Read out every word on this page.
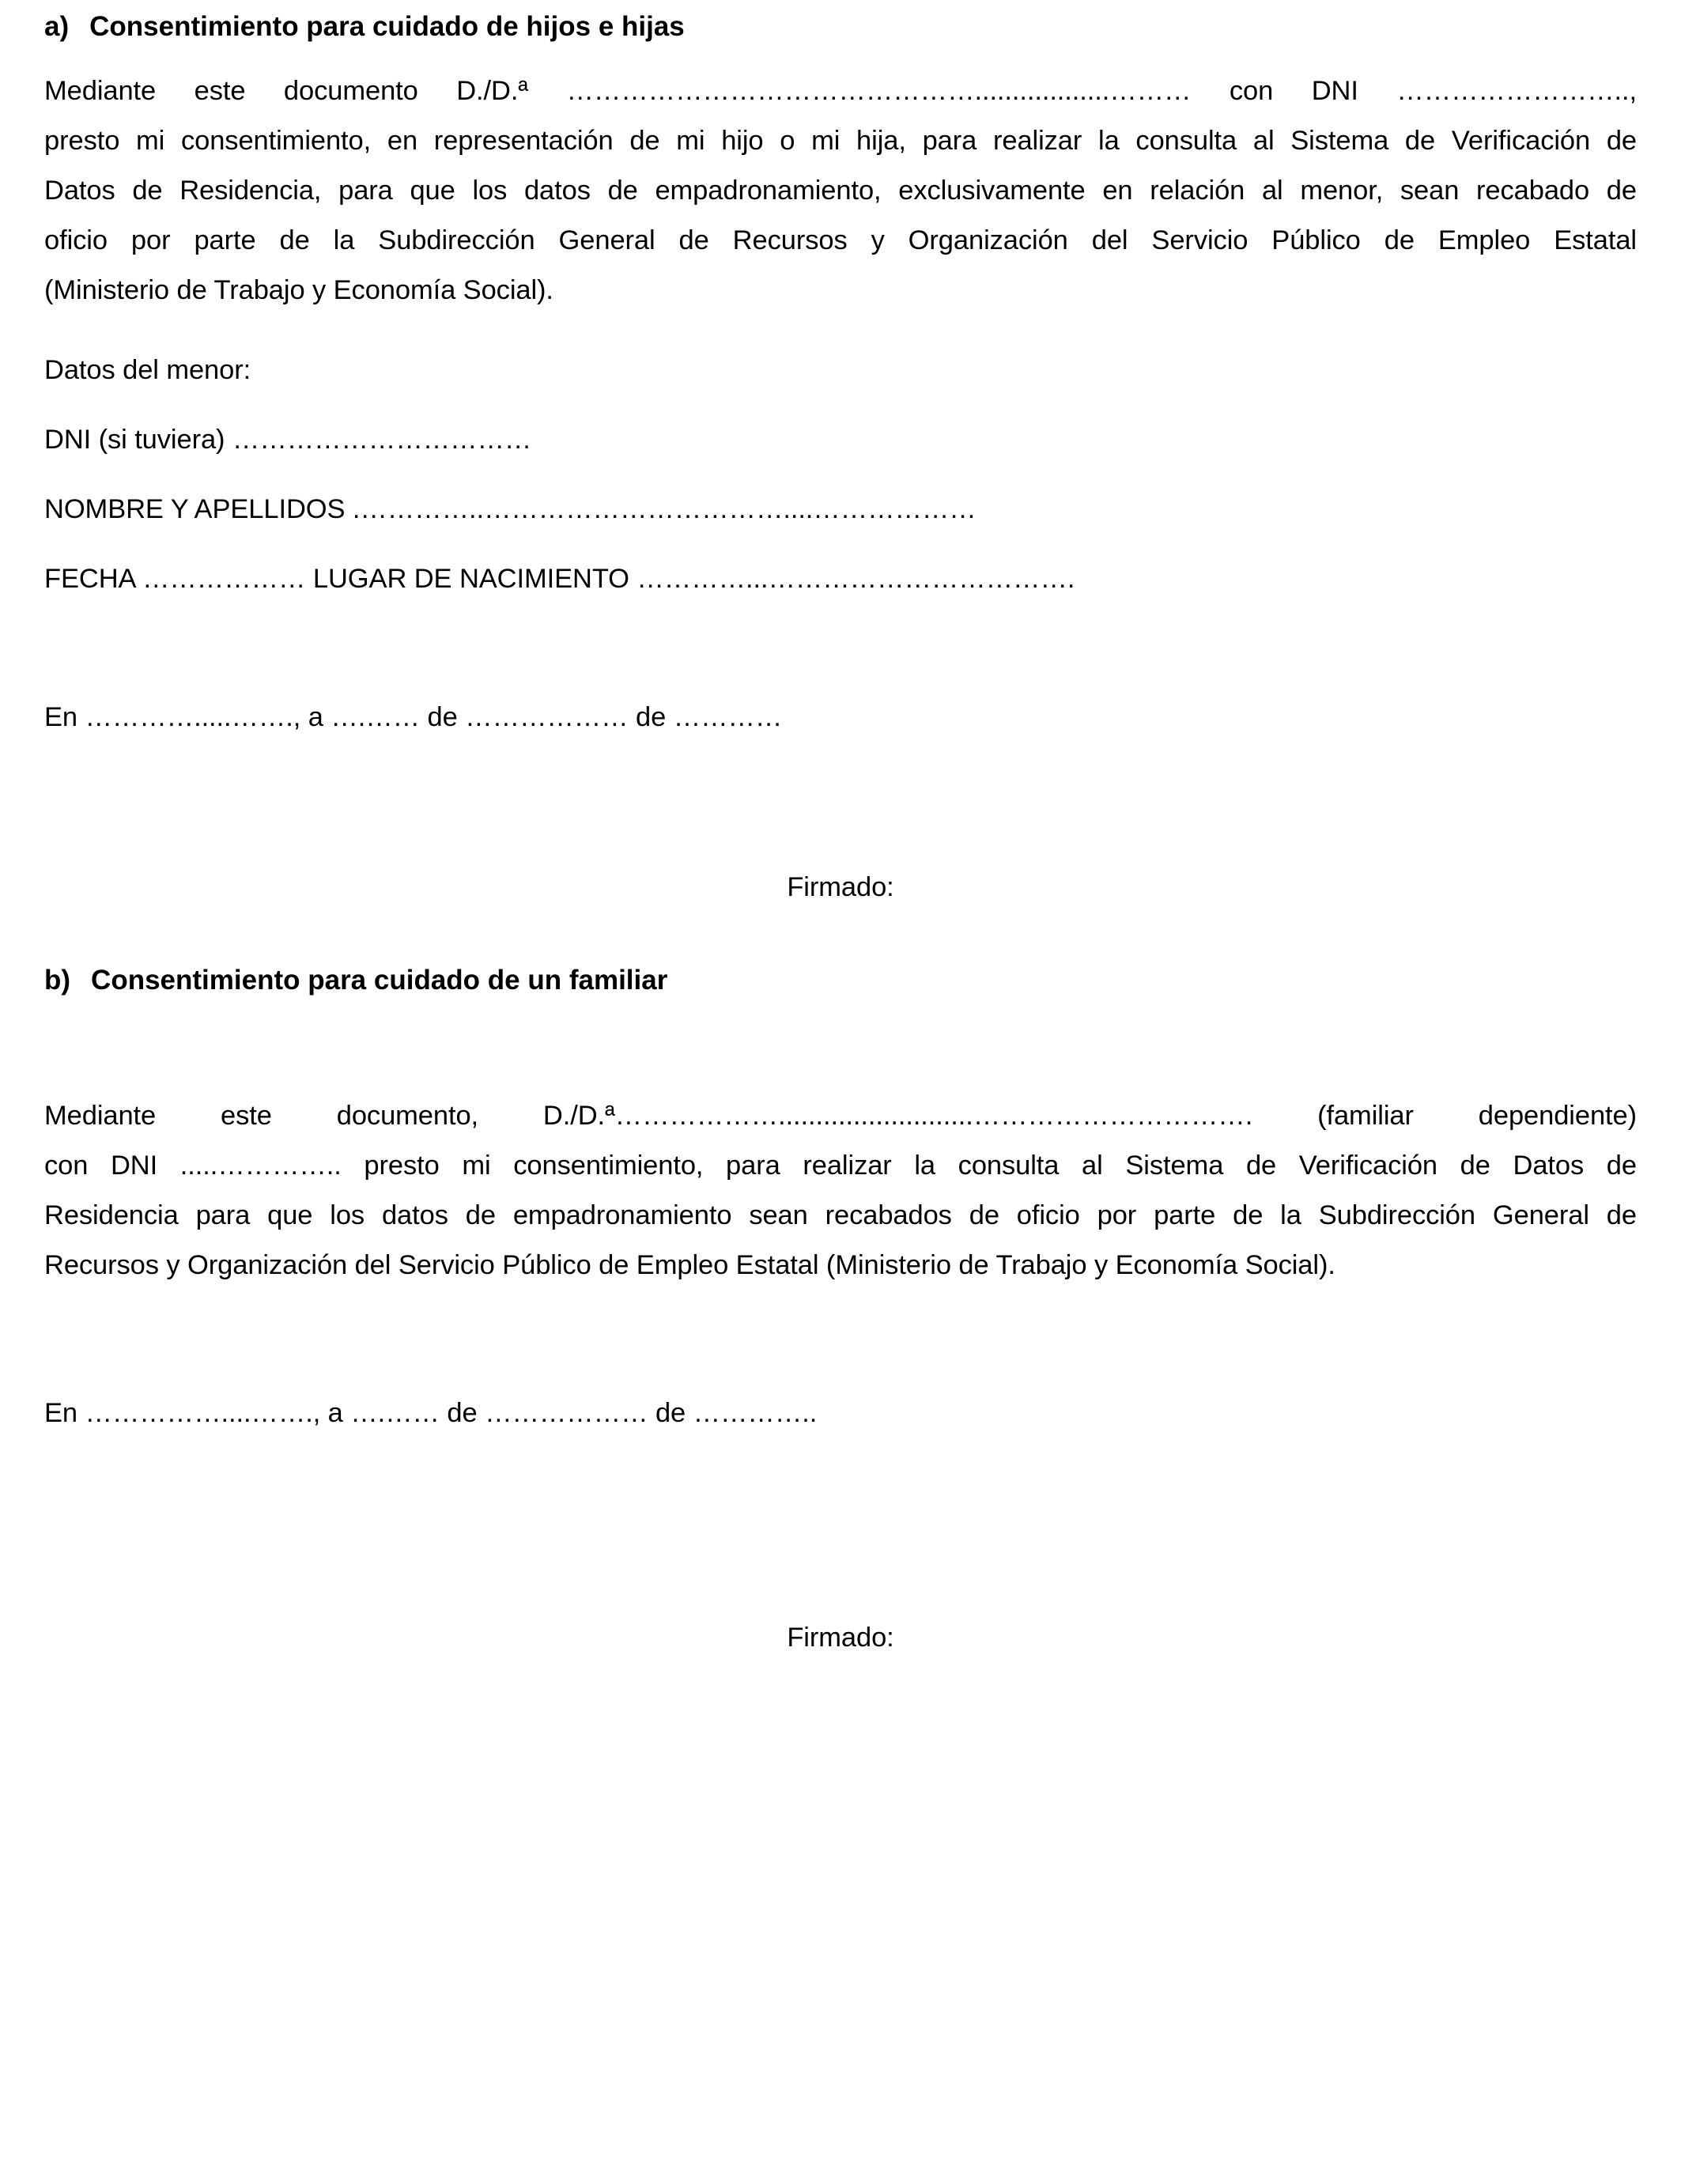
a) Consentimiento para cuidado de hijos e hijas
Mediante este documento D./D.ª ………………………………………..................……… con DNI ……………………..,
presto mi consentimiento, en representación de mi hijo o mi hija, para realizar la consulta al Sistema de Verificación de
Datos de Residencia, para que los datos de empadronamiento, exclusivamente en relación al menor, sean recabado de
oficio por parte de la Subdirección General de Recursos y Organización del Servicio Público de Empleo Estatal
(Ministerio de Trabajo y Economía Social).
Datos del menor:
DNI (si tuviera) ……………………………
NOMBRE Y APELLIDOS .…………..……………………………....………………
FECHA ……………… LUGAR DE NACIMIENTO …………...…………………………….
En ………….....……., a ….…… de ……………… de …………
Firmado:
b) Consentimiento para cuidado de un familiar
Mediante este documento, D./D.ª………………..........................…………………………. (familiar dependiente)
con DNI .....………….. presto mi consentimiento, para realizar la consulta al Sistema de Verificación de Datos de
Residencia para que los datos de empadronamiento sean recabados de oficio por parte de la Subdirección General de
Recursos y Organización del Servicio Público de Empleo Estatal (Ministerio de Trabajo y Economía Social).
En ……………....……., a ….…… de ……………… de …………..
Firmado:
